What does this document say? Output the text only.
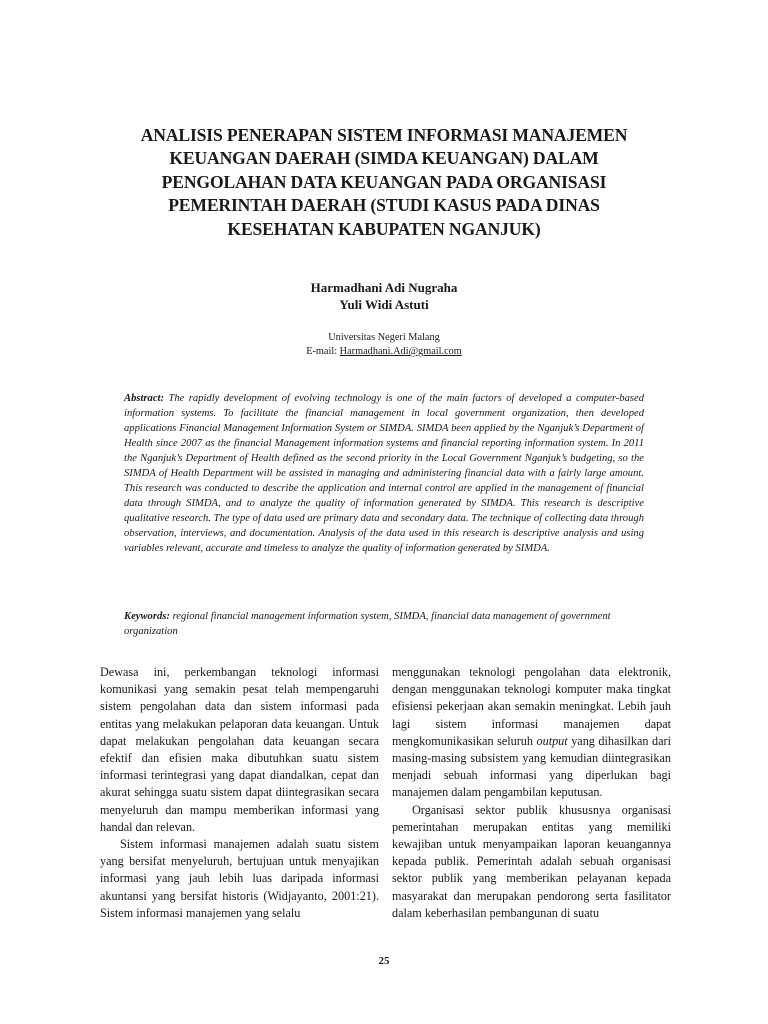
ANALISIS PENERAPAN SISTEM INFORMASI MANAJEMEN
KEUANGAN DAERAH (SIMDA KEUANGAN) DALAM
PENGOLAHAN DATA KEUANGAN PADA ORGANISASI
PEMERINTAH DAERAH (STUDI KASUS PADA DINAS
KESEHATAN KABUPATEN NGANJUK)
Harmadhani Adi Nugraha
Yuli Widi Astuti
Universitas Negeri Malang
E-mail: Harmadhani.Adi@gmail.com
Abstract: The rapidly development of evolving technology is one of the main factors of developed a computer-based information systems. To facilitate the financial management in local government organization, then developed applications Financial Management Information System or SIMDA. SIMDA been applied by the Nganjuk’s Department of Health since 2007 as the financial Management information systems and financial reporting information system. In 2011 the Nganjuk’s Department of Health defined as the second priority in the Local Government Nganjuk’s budgeting, so the SIMDA of Health Department will be assisted in managing and administering financial data with a fairly large amount. This research was conducted to describe the application and internal control are applied in the management of financial data through SIMDA, and to analyze the quality of information generated by SIMDA. This research is descriptive qualitative research. The type of data used are primary data and secondary data. The technique of collecting data through observation, interviews, and documentation. Analysis of the data used in this research is descriptive analysis and using variables relevant, accurate and timeless to analyze the quality of information generated by SIMDA.
Keywords: regional financial management information system, SIMDA, financial data management of government organization

Dewasa ini, perkembangan teknologi informasi komunikasi yang semakin pesat telah mempengaruhi sistem pengolahan data dan sistem informasi pada entitas yang melakukan pelaporan data keuangan. Untuk dapat melakukan pengolahan data keuangan secara efektif dan efisien maka dibutuhkan suatu sistem informasi terintegrasi yang dapat diandalkan, cepat dan akurat sehingga suatu sistem dapat diintegrasikan secara menyeluruh dan mampu memberikan informasi yang handal dan relevan.

Sistem informasi manajemen adalah suatu sistem yang bersifat menyeluruh, bertujuan untuk menyajikan informasi yang jauh lebih luas daripada informasi akuntansi yang bersifat historis (Widjayanto, 2001:21). Sistem informasi manajemen yang selalu

menggunakan teknologi pengolahan data elektronik, dengan menggunakan teknologi komputer maka tingkat efisiensi pekerjaan akan semakin meningkat. Lebih jauh lagi sistem informasi manajemen dapat mengkomunikasikan seluruh output yang dihasilkan dari masing-masing subsistem yang kemudian diintegrasikan menjadi sebuah informasi yang diperlukan bagi manajemen dalam pengambilan keputusan.

Organisasi sektor publik khususnya organisasi pemerintahan merupakan entitas yang memiliki kewajiban untuk menyampaikan laporan keuangannya kepada publik. Pemerintah adalah sebuah organisasi sektor publik yang memberikan pelayanan kepada masyarakat dan merupakan pendorong serta fasilitator dalam keberhasilan pembangunan di suatu

25
